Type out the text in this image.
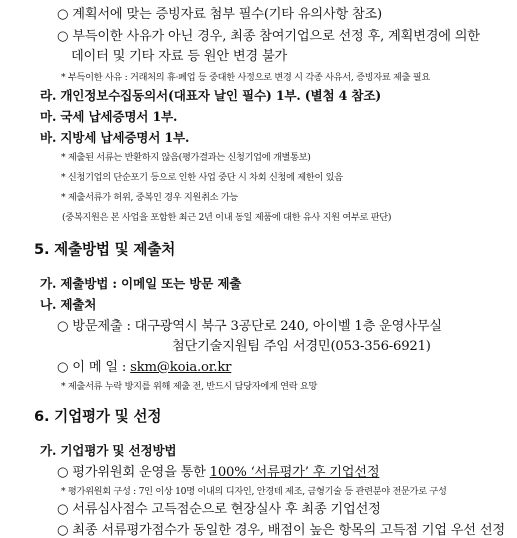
○ 계획서에 맞는 증빙자료 첨부 필수(기타 유의사항 참조)
○ 부득이한 사유가 아닌 경우, 최종 참여기업으로 선정 후, 계획변경에 의한
데이터 및 기타 자료 등 원안 변경 불가
* 부득이한 사유 : 거래처의 휴·폐업 등 중대한 사정으로 변경 시 각종 사유서, 증빙자료 제출 필요
라. 개인정보수집동의서(대표자 날인 필수) 1부. (별첨 4 참조)
마. 국세 납세증명서 1부.
바. 지방세 납세증명서 1부.
* 제출된 서류는 반환하지 않음(평가결과는 신청기업에 개별통보)
* 신청기업의 단순포기 등으로 인한 사업 중단 시 차회 신청에 제한이 있음
* 제출서류가 허위, 중복인 경우 지원취소 가능
(중복지원은 본 사업을 포함한 최근 2년 이내 동일 제품에 대한 유사 지원 여부로 판단)
5. 제출방법 및 제출처
가. 제출방법 : 이메일 또는 방문 제출
나. 제출처
○ 방문제출 : 대구광역시 북구 3공단로 240, 아이벨 1층 운영사무실
첨단기술지원팀 주임 서경민(053-356-6921)
○ 이 메 일 : skm@koia.or.kr
* 제출서류 누락 방지를 위해 제출 전, 반드시 담당자에게 연락 요망
6. 기업평가 및 선정
가. 기업평가 및 선정방법
○ 평가위원회 운영을 통한 100% ‘서류평가’ 후 기업선정
* 평가위원회 구성 : 7인 이상 10명 이내의 디자인, 안경테 제조, 금형기술 등 관련분야 전문가로 구성
○ 서류심사점수 고득점순으로 현장실사 후 최종 기업선정
○ 최종 서류평가점수가 동일한 경우, 배점이 높은 항목의 고득점 기업 우선 선정
